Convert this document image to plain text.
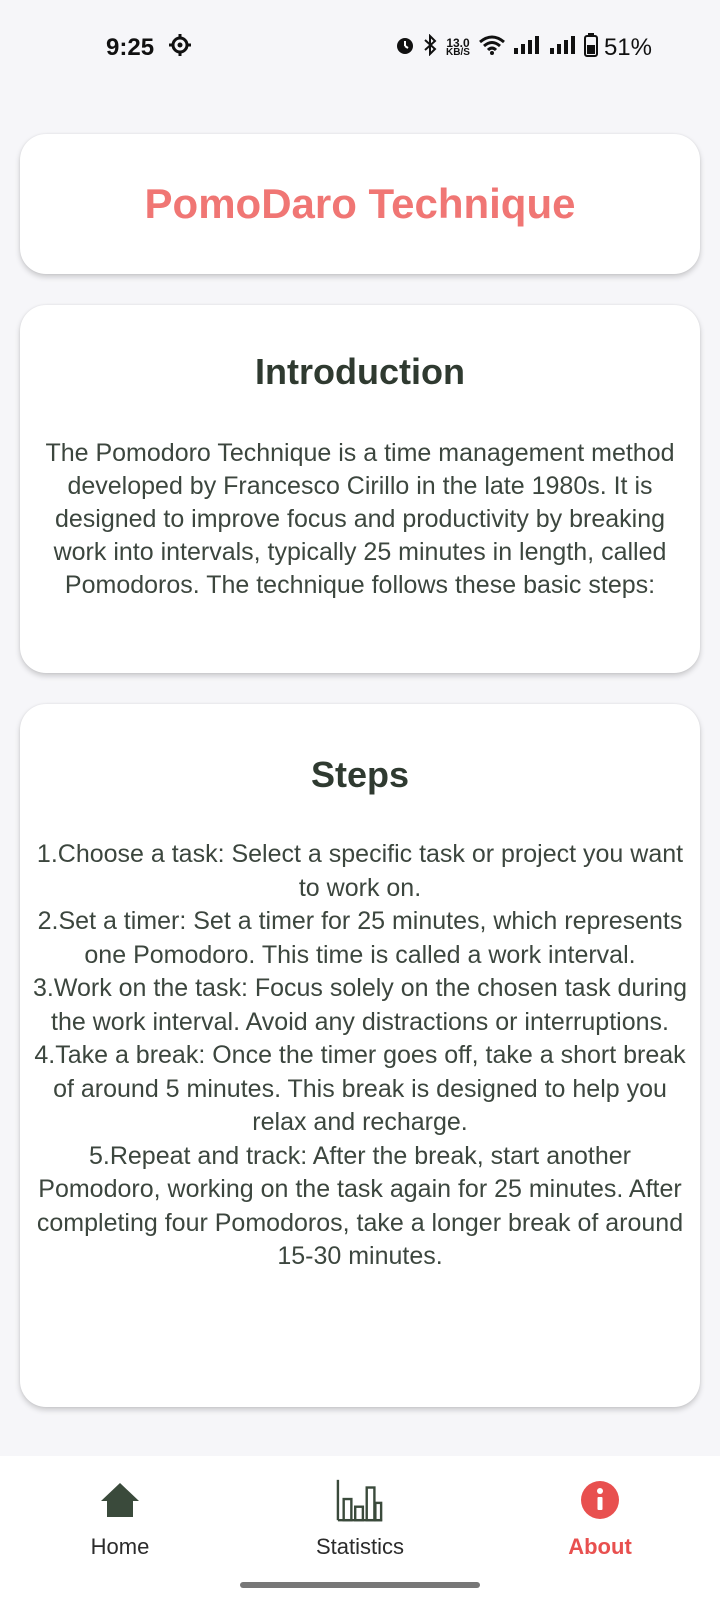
9:25	13.0
KB/S	51%
PomoDaro Technique
Introduction

The Pomodoro Technique is a time management method developed by Francesco Cirillo in the late 1980s. It is designed to improve focus and productivity by breaking work into intervals, typically 25 minutes in length, called Pomodoros. The technique follows these basic steps:

Steps
1.Choose a task: Select a specific task or project you want to work on.
2.Set a timer: Set a timer for 25 minutes, which represents one Pomodoro. This time is called a work interval.
3.Work on the task: Focus solely on the chosen task during the work interval. Avoid any distractions or interruptions.
4.Take a break: Once the timer goes off, take a short break of around 5 minutes. This break is designed to help you relax and recharge.
5.Repeat and track: After the break, start another Pomodoro, working on the task again for 25 minutes. After completing four Pomodoros, take a longer break of around 15-30 minutes.
Home	Statistics	About
